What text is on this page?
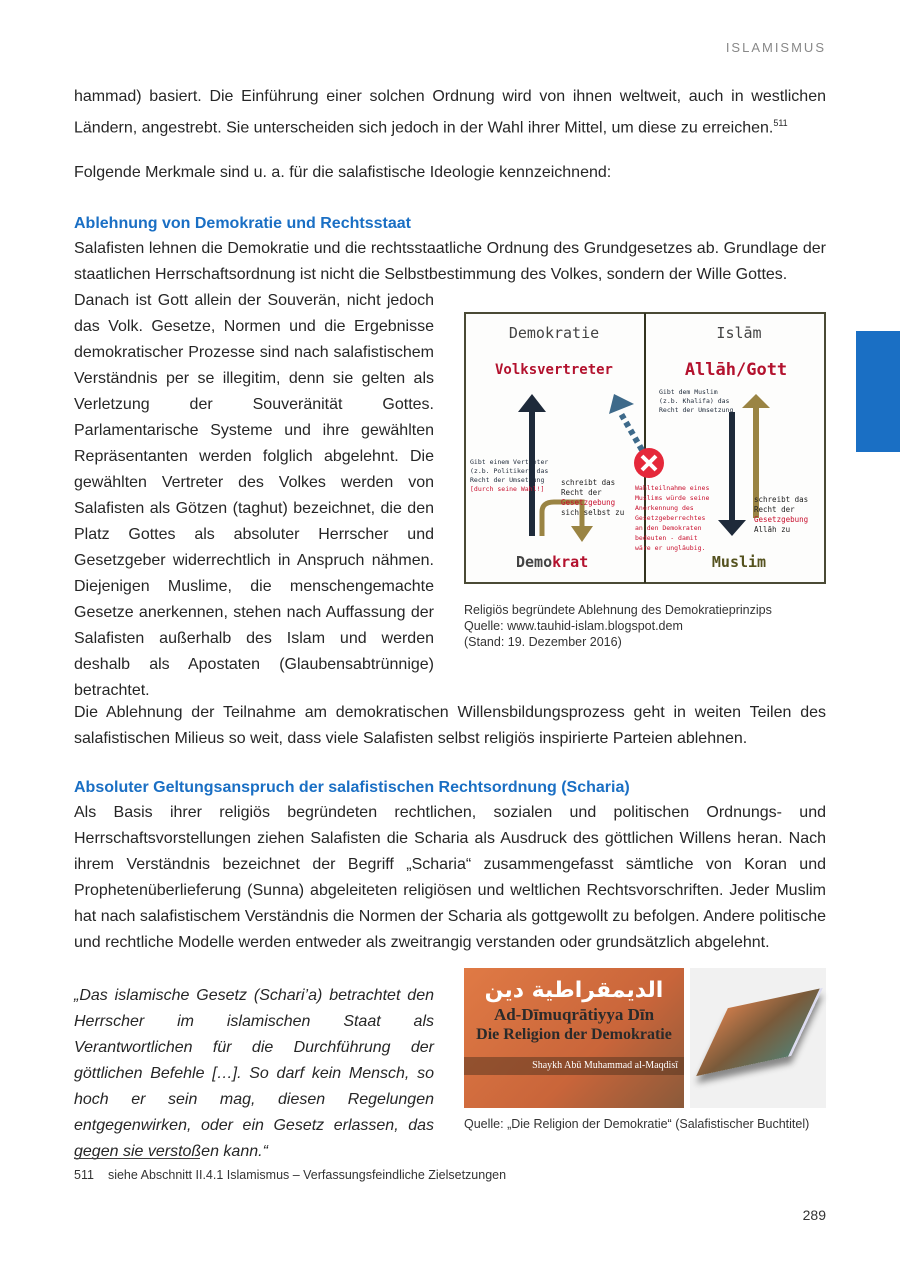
ISLAMISMUS
hammad) basiert. Die Einführung einer solchen Ordnung wird von ihnen weltweit, auch in westlichen Ländern, angestrebt. Sie unterscheiden sich jedoch in der Wahl ihrer Mittel, um diese zu erreichen.$^{511}$
Folgende Merkmale sind u. a. für die salafistische Ideologie kennzeichnend:
Ablehnung von Demokratie und Rechtsstaat
Salafisten lehnen die Demokratie und die rechtsstaatliche Ordnung des Grundgesetzes ab. Grundlage der staatlichen Herrschaftsordnung ist nicht die Selbstbestimmung des Volkes, sondern der Wille Gottes.
Danach ist Gott allein der Souverän, nicht jedoch das Volk. Gesetze, Normen und die Ergebnisse demokratischer Prozesse sind nach salafistischem Verständnis per se illegitim, denn sie gelten als Verletzung der Souveränität Gottes. Parlamentarische Systeme und ihre gewählten Repräsentanten werden folglich abgelehnt. Die gewählten Vertreter des Volkes werden von Salafisten als Götzen (taghut) bezeichnet, die den Platz Gottes als absoluter Herrscher und Gesetzgeber widerrechtlich in Anspruch nähmen. Diejenigen Muslime, die menschengemachte Gesetze anerkennen, stehen nach Auffassung der Salafisten außerhalb des Islam und werden deshalb als Apostaten (Glaubensabtrünnige) betrachtet.
Demokratie	Islām
Volksvertreter	Allāh/Gott
Gibt einem Vertreter
(z.b. Politiker) das
Recht der Umsetzung
[durch seine Wahl!]
schreibt das
Recht der
Gesetzgebung
sich selbst zu
Gibt dem Muslim
(z.b. Khalifa) das
Recht der Umsetzung
Wahlteilnahme eines
Muslims würde seine
Anerkennung des
Gesetzgeberrechtes
an den Demokraten
bedeuten - damit
wäre er ungläubig.
schreibt das
Recht der
Gesetzgebung
Allāh zu
Demokrat	Muslim
Religiös begründete Ablehnung des Demokratieprinzips
Quelle: www.tauhid-islam.blogspot.dem
(Stand: 19. Dezember 2016)
Die Ablehnung der Teilnahme am demokratischen Willensbildungsprozess geht in weiten Teilen des salafistischen Milieus so weit, dass viele Salafisten selbst religiös inspirierte Parteien ablehnen.
Absoluter Geltungsanspruch der salafistischen Rechtsordnung (Scharia)
Als Basis ihrer religiös begründeten rechtlichen, sozialen und politischen Ordnungs- und Herrschaftsvorstellungen ziehen Salafisten die Scharia als Ausdruck des göttlichen Willens heran. Nach ihrem Verständnis bezeichnet der Begriff „Scharia“ zusammengefasst sämtliche von Koran und Prophetenüberlieferung (Sunna) abgeleiteten religiösen und weltlichen Rechtsvorschriften. Jeder Muslim hat nach salafistischem Verständnis die Normen der Scharia als gottgewollt zu befolgen. Andere politische und rechtliche Modelle werden entweder als zweitrangig verstanden oder grundsätzlich abgelehnt.
„Das islamische Gesetz (Schari’a) betrachtet den Herrscher im islamischen Staat als Verantwortlichen für die Durchführung der göttlichen Befehle […]. So darf kein Mensch, so hoch er sein mag, diesen Regelungen entgegenwirken, oder ein Gesetz erlassen, das gegen sie verstoßen kann.“
الديمقراطية دين
Ad-Dīmuqrātiyya Dīn
Die Religion der Demokratie
Shaykh Abū Muhammad al-Maqdisī
Quelle: „Die Religion der Demokratie“ (Salafistischer Buchtitel)
511 siehe Abschnitt II.4.1 Islamismus – Verfassungsfeindliche Zielsetzungen
289
